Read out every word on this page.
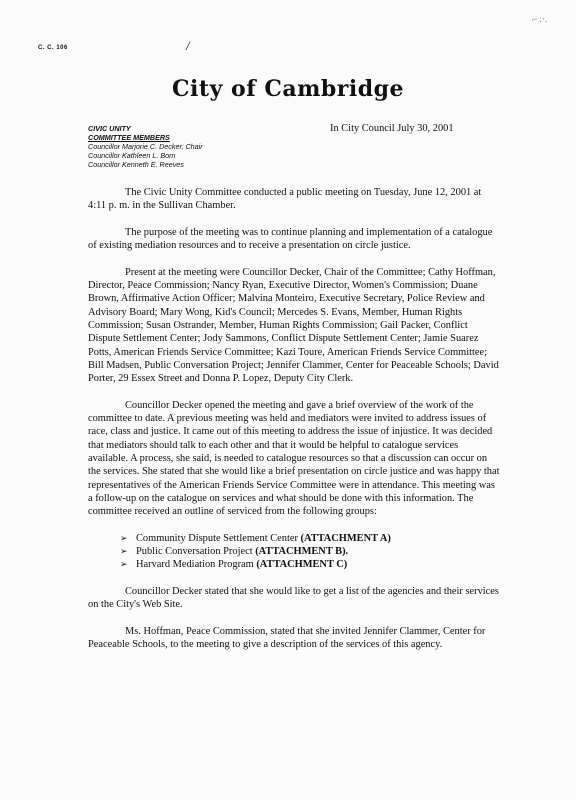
C. C. 106	/
⌐ :·.
City of Cambridge
CIVIC UNITY
COMMITTEE MEMBERS
Councillor Marjorie C. Decker, Chair
Councillor Kathleen L. Born
Councillor Kenneth E. Reeves
In City Council July 30, 2001

The Civic Unity Committee conducted a public meeting on Tuesday, June 12, 2001 at 4:11 p. m. in the Sullivan Chamber.

The purpose of the meeting was to continue planning and implementation of a catalogue of existing mediation resources and to receive a presentation on circle justice.

Present at the meeting were Councillor Decker, Chair of the Committee; Cathy Hoffman, Director, Peace Commission; Nancy Ryan, Executive Director, Women's Commission; Duane Brown, Affirmative Action Officer; Malvina Monteiro, Executive Secretary, Police Review and Advisory Board; Mary Wong, Kid's Council; Mercedes S. Evans, Member, Human Rights Commission; Susan Ostrander, Member, Human Rights Commission; Gail Packer, Conflict Dispute Settlement Center; Jody Sammons, Conflict Dispute Settlement Center; Jamie Suarez Potts, American Friends Service Committee; Kazi Toure, American Friends Service Committee; Bill Madsen, Public Conversation Project; Jennifer Clammer, Center for Peaceable Schools; David Porter, 29 Essex Street and Donna P. Lopez, Deputy City Clerk.

Councillor Decker opened the meeting and gave a brief overview of the work of the committee to date. A previous meeting was held and mediators were invited to address issues of race, class and justice. It came out of this meeting to address the issue of injustice. It was decided that mediators should talk to each other and that it would be helpful to catalogue services available. A process, she said, is needed to catalogue resources so that a discussion can occur on the services. She stated that she would like a brief presentation on circle justice and was happy that representatives of the American Friends Service Committee were in attendance. This meeting was a follow-up on the catalogue on services and what should be done with this information. The committee received an outline of serviced from the following groups:

➢ Community Dispute Settlement Center (ATTACHMENT A)
➢ Public Conversation Project (ATTACHMENT B).
➢ Harvard Mediation Program (ATTACHMENT C)

Councillor Decker stated that she would like to get a list of the agencies and their services on the City's Web Site.

Ms. Hoffman, Peace Commission, stated that she invited Jennifer Clammer, Center for Peaceable Schools, to the meeting to give a description of the services of this agency.
